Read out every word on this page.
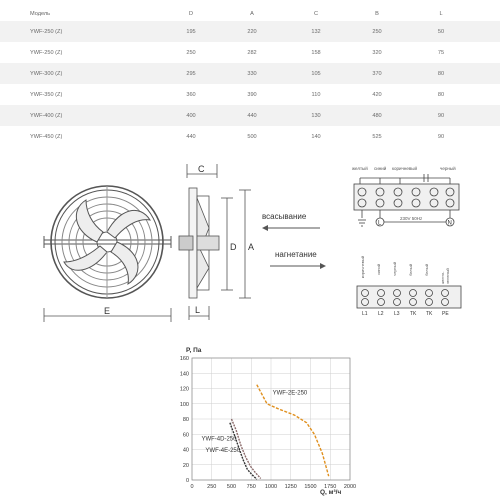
Модель	D	A	C	B	L
YWF-250 (Z)	195	220	132	250	50
YWF-250 (Z)	250	282	158	320	75
YWF-300 (Z)	295	330	105	370	80
YWF-350 (Z)	360	390	110	420	80
YWF-400 (Z)	400	440	130	480	90
YWF-450 (Z)	440	500	140	525	90
E
C
D A
L
всасывание
нагнетание
желтый синий коричневый	черный
L	N
230V 50Hz
коричневый	синий	черный	белый	белый
желто-зеленый
L1 L2 L3 TK TK PE
0
20
40
60
80
100
120
140
160
0 250 500 750 1000 1250 1500 1750 2000
YWF-2E-250
YWF-4D-250
YWF-4E-250
P, Па
Q, м³/ч
